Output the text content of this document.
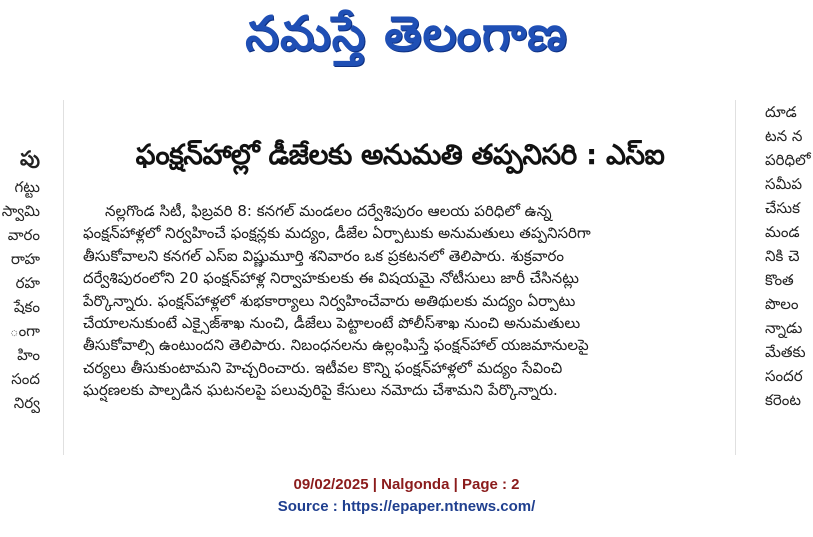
నమస్తే తెలంగాణ
పు
గట్టు
స్వామి
వారం
రాహ
రహ
షేకం
ంగా
హిం
సంద
నిర్వ
దూడ
టన న
పరిధిలో
సమీప
చేసుక
మండ
నికి చె
కొంత
పొలం
న్నాడు
మేతకు
సందర
కరెంట
ఫంక్షన్‌హాల్లో డీజేలకు అనుమతి తప్పనిసరి : ఎస్‌ఐ
నల్లగొండ సిటీ, ఫిబ్రవరి 8: కనగల్ మండలం దర్వేశిపురం ఆలయ పరిధిలో ఉన్న
ఫంక్షన్‌హాళ్లలో నిర్వహించే ఫంక్షన్లకు మద్యం, డీజేల ఏర్పాటుకు అనుమతులు తప్పనిసరిగా
తీసుకోవాలని కనగల్ ఎస్‌ఐ విష్ణుమూర్తి శనివారం ఒక ప్రకటనలో తెలిపారు. శుక్రవారం
దర్వేశిపురంలోని 20 ఫంక్షన్‌హాళ్ల నిర్వాహకులకు ఈ విషయమై నోటీసులు జారీ చేసినట్లు
పేర్కొన్నారు. ఫంక్షన్‌హాళ్లలో శుభకార్యాలు నిర్వహించేవారు అతిథులకు మద్యం ఏర్పాటు
చేయాలనుకుంటే ఎక్సైజ్‌శాఖ నుంచి, డీజేలు పెట్టాలంటే పోలీస్‌శాఖ నుంచి అనుమతులు
తీసుకోవాల్సి ఉంటుందని తెలిపారు. నిబంధనలను ఉల్లంఘిస్తే ఫంక్షన్‌హాల్ యజమానులపై
చర్యలు తీసుకుంటామని హెచ్చరించారు. ఇటీవల కొన్ని ఫంక్షన్‌హాళ్లలో మద్యం సేవించి
ఘర్షణలకు పాల్పడిన ఘటనలపై పలువురిపై కేసులు నమోదు చేశామని పేర్కొన్నారు.
09/02/2025 | Nalgonda | Page : 2
Source : https://epaper.ntnews.com/
